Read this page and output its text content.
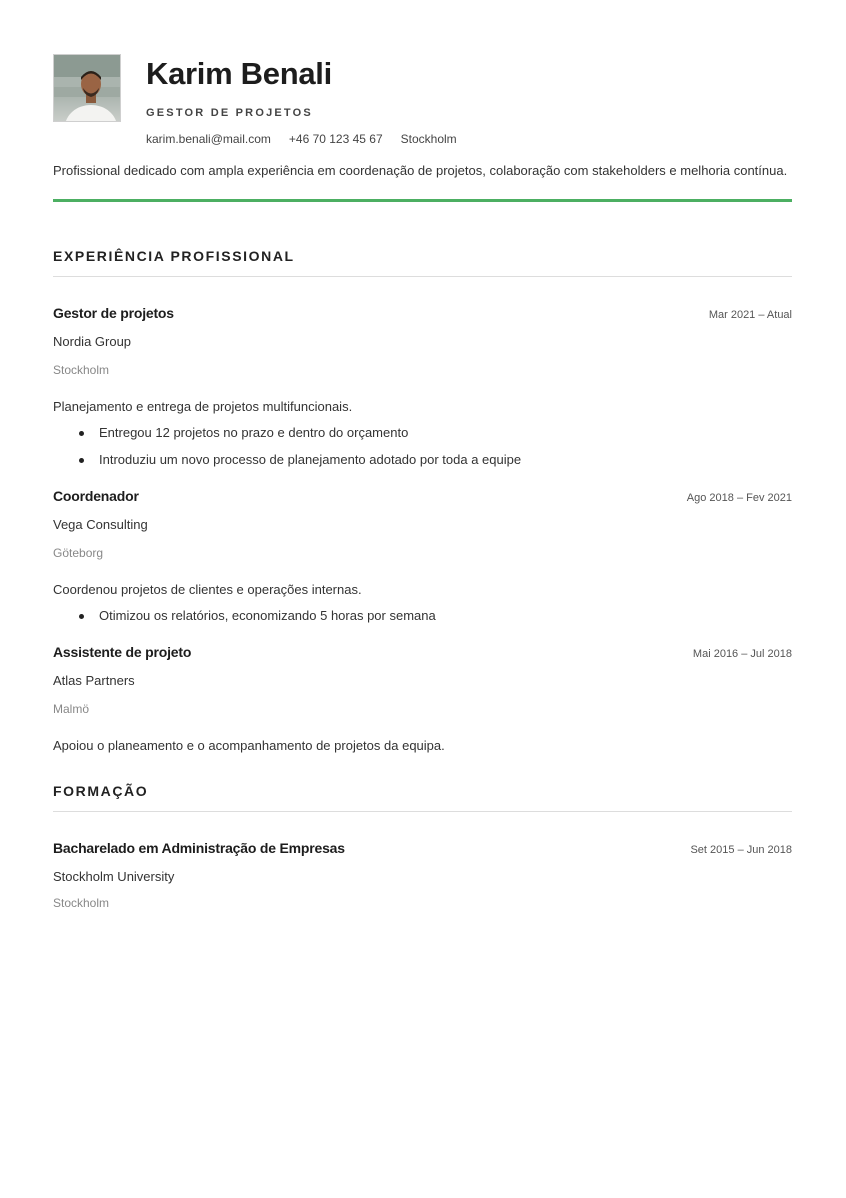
Karim Benali
GESTOR DE PROJETOS
karim.benali@mail.com +46 70 123 45 67 Stockholm
Profissional dedicado com ampla experiência em coordenação de projetos, colaboração com stakeholders e melhoria contínua.
EXPERIÊNCIA PROFISSIONAL
Gestor de projetos	Mar 2021 – Atual
Nordia Group
Stockholm
Planejamento e entrega de projetos multifuncionais.
Entregou 12 projetos no prazo e dentro do orçamento
Introduziu um novo processo de planejamento adotado por toda a equipe
Coordenador	Ago 2018 – Fev 2021
Vega Consulting
Göteborg
Coordenou projetos de clientes e operações internas.
Otimizou os relatórios, economizando 5 horas por semana
Assistente de projeto	Mai 2016 – Jul 2018
Atlas Partners
Malmö
Apoiou o planeamento e o acompanhamento de projetos da equipa.
FORMAÇÃO
Bacharelado em Administração de Empresas	Set 2015 – Jun 2018
Stockholm University
Stockholm
